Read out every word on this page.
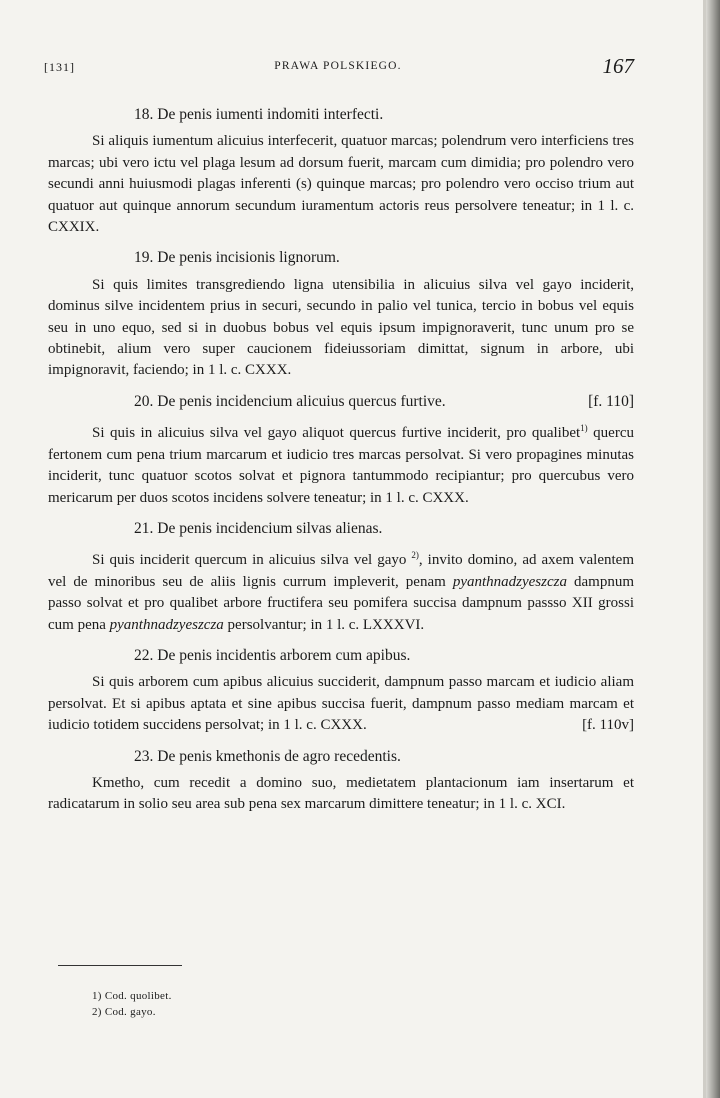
[131]	PRAWA POLSKIEGO.	167
18. De penis iumenti indomiti interfecti.

Si aliquis iumentum alicuius interfecerit, quatuor marcas; polendrum vero interficiens tres marcas; ubi vero ictu vel plaga lesum ad dorsum fuerit, marcam cum dimidia; pro polendro vero secundi anni huiusmodi plagas inferenti (s) quinque marcas; pro polendro vero occiso trium aut quatuor aut quinque annorum secundum iuramentum actoris reus persolvere teneatur; in 1 l. c. CXXIX.

19. De penis incisionis lignorum.

Si quis limites transgrediendo ligna utensibilia in alicuius silva vel gayo inciderit, dominus silve incidentem prius in securi, secundo in palio vel tunica, tercio in bobus vel equis seu in uno equo, sed si in duobus bobus vel equis ipsum impignoraverit, tunc unum pro se obtinebit, alium vero super caucionem fideiussoriam dimittat, signum in arbore, ubi impignoravit, faciendo; in 1 l. c. CXXX.

20. De penis incidencium alicuius quercus furtive.	[f. 110]

Si quis in alicuius silva vel gayo aliquot quercus furtive inciderit, pro qualibet$^{1)}$ quercu fertonem cum pena trium marcarum et iudicio tres marcas persolvat. Si vero propagines minutas inciderit, tunc quatuor scotos solvat et pignora tantummodo recipiantur; pro quercubus vero mericarum per duos scotos incidens solvere teneatur; in 1 l. c. CXXX.

21. De penis incidencium silvas alienas.

Si quis inciderit quercum in alicuius silva vel gayo $^{2)}$, invito domino, ad axem valentem vel de minoribus seu de aliis lignis currum impleverit, penam pyanthnadzyeszcza dampnum passo solvat et pro qualibet arbore fructifera seu pomifera succisa dampnum passso XII grossi cum pena pyanthnadzyeszcza persolvantur; in 1 l. c. LXXXVI.

22. De penis incidentis arborem cum apibus.

Si quis arborem cum apibus alicuius succiderit, dampnum passo marcam et iudicio aliam persolvat. Et si apibus aptata et sine apibus succisa fuerit, dampnum passo mediam marcam et iudicio totidem succidens persolvat; in 1 l. c. CXXX.	[f. 110v]

23. De penis kmethonis de agro recedentis.

Kmetho, cum recedit a domino suo, medietatem plantacionum iam insertarum et radicatarum in solio seu area sub pena sex marcarum dimittere teneatur; in 1 l. c. XCI.

1) Cod. quolibet.
2) Cod. gayo.
